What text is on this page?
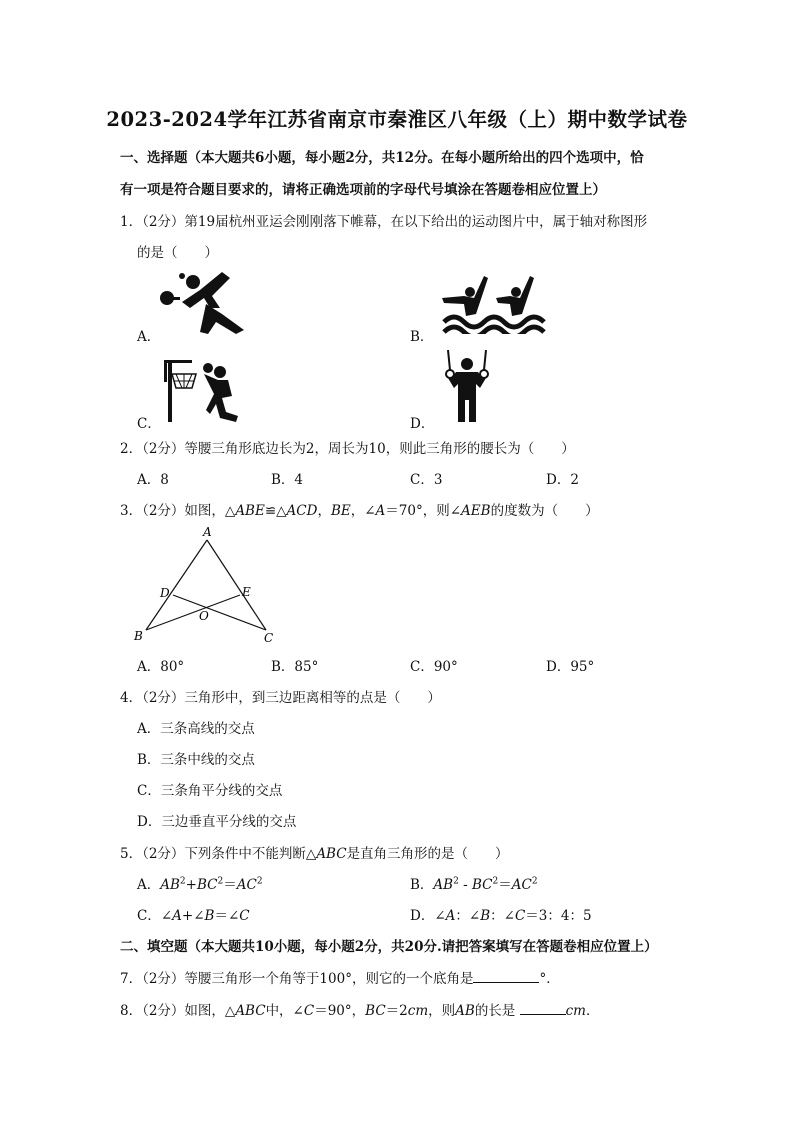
2023-2024学年江苏省南京市秦淮区八年级（上）期中数学试卷
一、选择题（本大题共6小题，每小题2分，共12分。在每小题所给出的四个选项中，恰
有一项是符合题目要求的，请将正确选项前的字母代号填涂在答题卷相应位置上）
1．（2分）第19届杭州亚运会刚刚落下帷幕，在以下给出的运动图片中，属于轴对称图形
的是（　　）
A．	B．
C．	D．
2．（2分）等腰三角形底边长为2，周长为10，则此三角形的腰长为（　　）
A．8	B．4	C．3	D．2
3．（2分）如图，△ABE≌△ACD，BE，∠A＝70°，则∠AEB的度数为（　　）
A
B	C
D	E
O
A．80°	B．85°	C．90°	D．95°
4．（2分）三角形中，到三边距离相等的点是（　　）
A．三条高线的交点
B．三条中线的交点
C．三条角平分线的交点
D．三边垂直平分线的交点
5．（2分）下列条件中不能判断△ABC是直角三角形的是（　　）
A．$AB^2+BC^2=AC^2$	B．$AB^2 - BC^2=AC^2$
C．∠A+∠B＝∠C	D．∠A：∠B：∠C＝3：4：5
二、填空题（本大题共10小题，每小题2分，共20分.请把答案填写在答题卷相应位置上）
7．（2分）等腰三角形一个角等于100°，则它的一个底角是	°．
8．（2分）如图，△ABC中，∠C＝90°，BC＝2cm，则AB的长是	cm．
